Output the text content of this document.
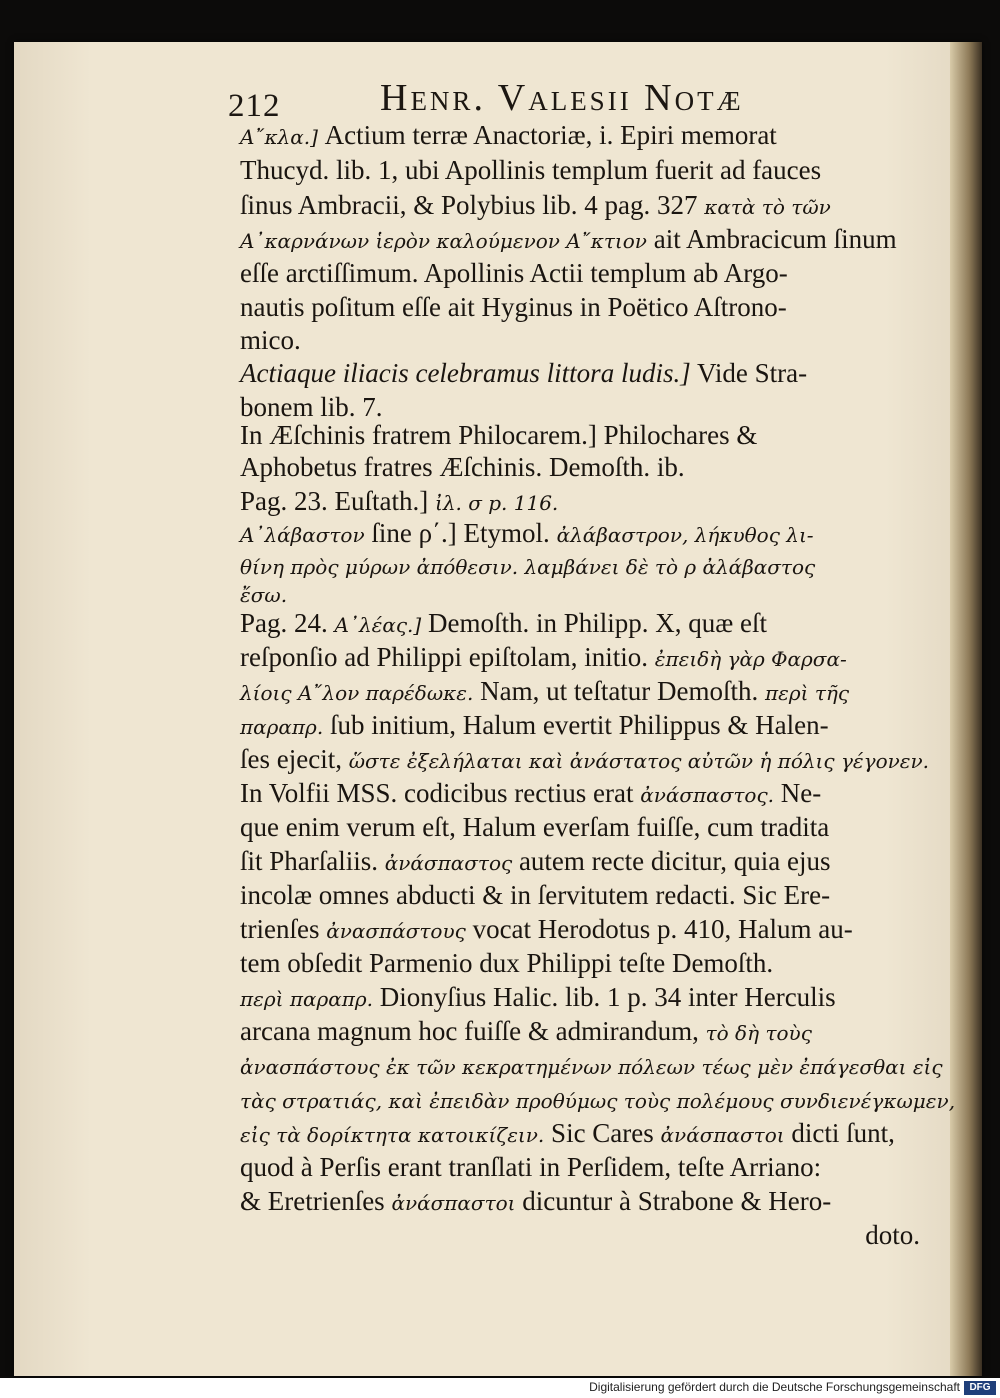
212	Henr. Valesii Notæ
Α῎κλα.] Actium terræ Anactoriæ, i. Epiri memorat
Thucyd. lib. 1, ubi Apollinis templum fuerit ad fauces
ſinus Ambracii, & Polybius lib. 4 pag. 327 κατὰ τὸ τῶν
Α᾽καρνάνων ἱερὸν καλούμενον Α῎κτιον ait Ambracicum ſinum
eſſe arctiſſimum. Apollinis Actii templum ab Argo-
nautis poſitum eſſe ait Hyginus in Poëtico Aſtrono-
mico.
Actiaque iliacis celebramus littora ludis.] Vide Stra-
bonem lib. 7.
In Æſchinis fratrem Philocarem.] Philochares &
Aphobetus fratres Æſchinis. Demoſth. ib.
Pag. 23. Euſtath.] ἰλ. σ p. 116.
Α᾽λάβαστον ſine ρ΄.] Etymol. ἀλάβαστρον, λήκυθος λι-
θίνη πρὸς μύρων ἀπόθεσιν. λαμβάνει δὲ τὸ ρ ἀλάβαστος
ἔσω.
Pag. 24. Α᾽λέας.] Demoſth. in Philipp. X, quæ eſt
reſponſio ad Philippi epiſtolam, initio. ἐπειδὴ γὰρ Φαρσα-
λίοις Α῎λον παρέδωκε. Nam, ut teſtatur Demoſth. περὶ τῆς
παραπρ. ſub initium, Halum evertit Philippus & Halen-
ſes ejecit, ὥστε ἐξελήλαται καὶ ἀνάστατος αὐτῶν ἡ πόλις γέγονεν.
In Volfii MSS. codicibus rectius erat ἀνάσπαστος. Ne-
que enim verum eſt, Halum everſam fuiſſe, cum tradita
ſit Pharſaliis. ἀνάσπαστος autem recte dicitur, quia ejus
incolæ omnes abducti & in ſervitutem redacti. Sic Ere-
trienſes ἀνασπάστους vocat Herodotus p. 410, Halum au-
tem obſedit Parmenio dux Philippi teſte Demoſth.
περὶ παραπρ. Dionyſius Halic. lib. 1 p. 34 inter Herculis
arcana magnum hoc fuiſſe & admirandum, τὸ δὴ τοὺς
ἀνασπάστους ἐκ τῶν κεκρατημένων πόλεων τέως μὲν ἐπάγεσθαι εἰς
τὰς στρατιάς, καὶ ἐπειδὰν προθύμως τοὺς πολέμους συνδιενέγκωμεν,
εἰς τὰ δορίκτητα κατοικίζειν. Sic Cares ἀνάσπαστοι dicti ſunt,
quod à Perſis erant tranſlati in Perſidem, teſte Arriano:
& Eretrienſes ἀνάσπαστοι dicuntur à Strabone & Hero-
doto.
Digitalisierung gefördert durch die Deutsche Forschungsgemeinschaft DFG
